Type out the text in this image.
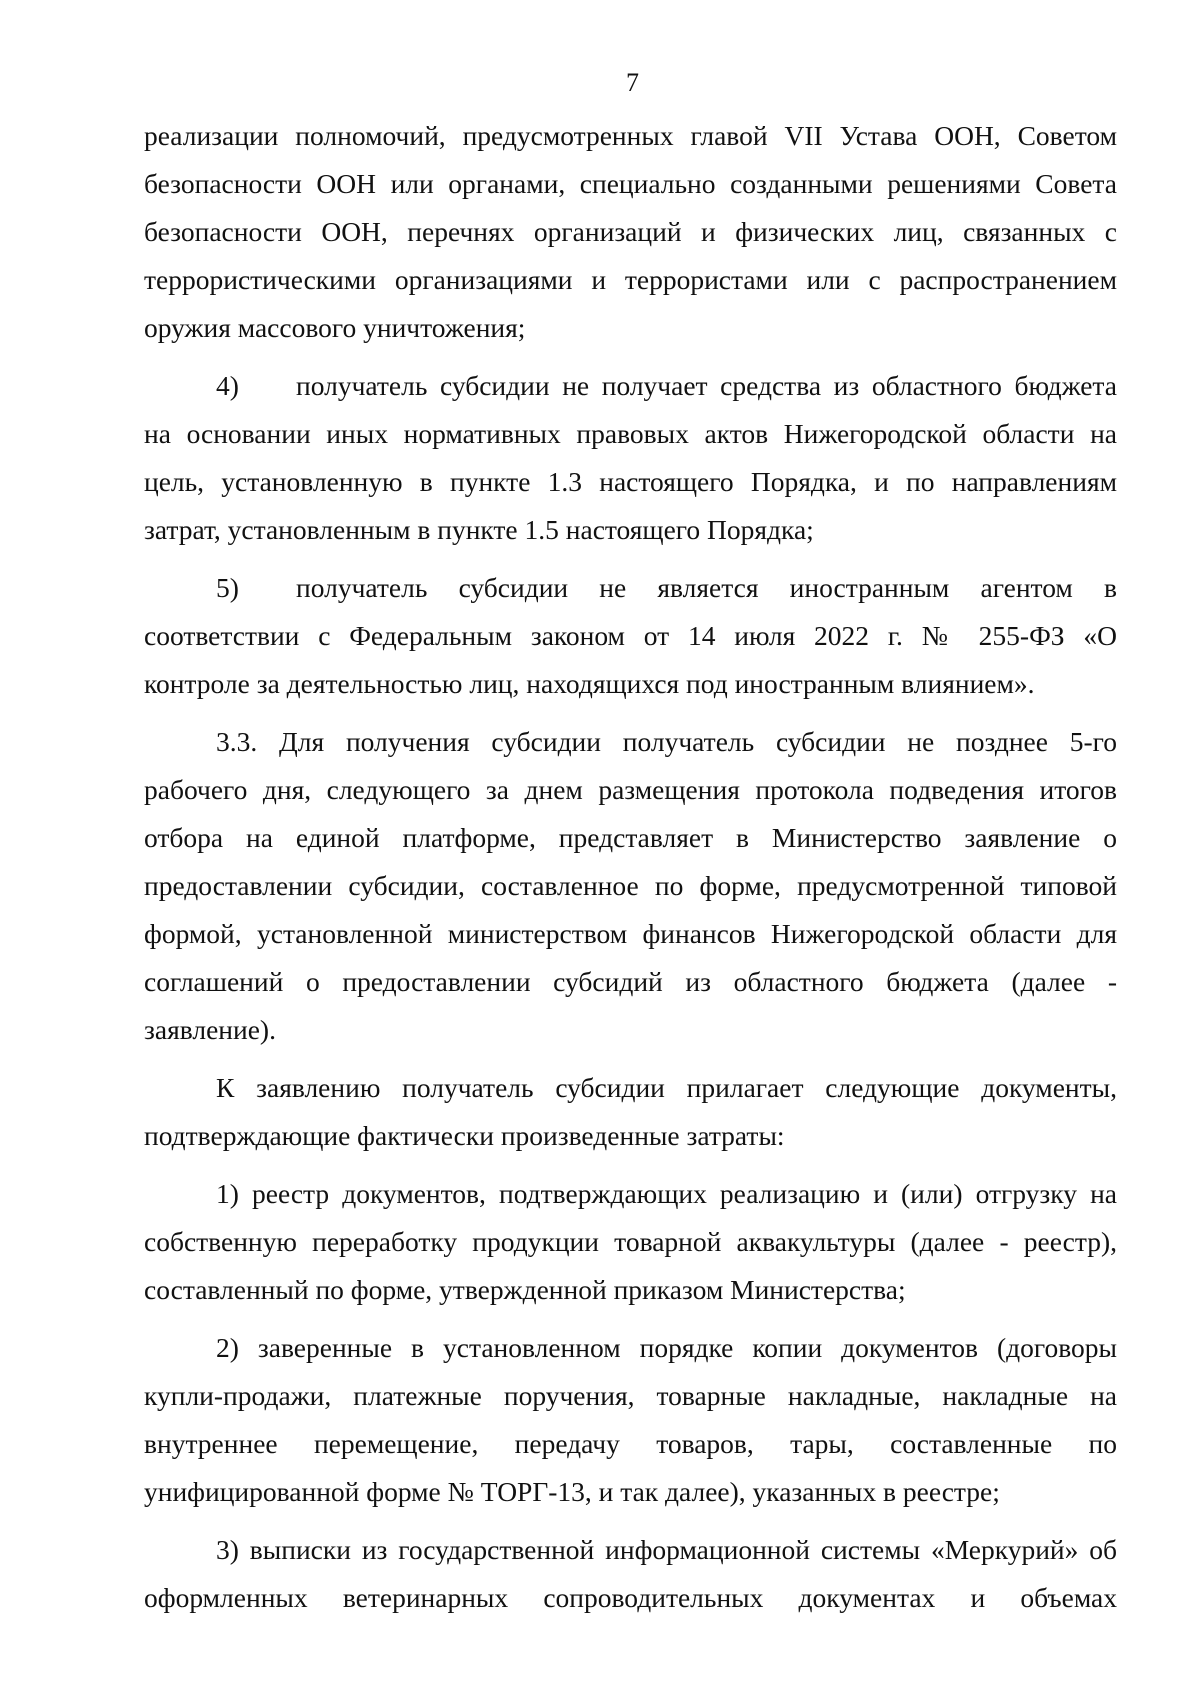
7
реализации полномочий, предусмотренных главой VII Устава ООН, Советом
безопасности ООН или органами, специально созданными решениями Совета
безопасности ООН, перечнях организаций и физических лиц, связанных с
террористическими организациями и террористами или с распространением
оружия массового уничтожения;
4)	получатель субсидии не получает средства из областного бюджета
на основании иных нормативных правовых актов Нижегородской области на
цель, установленную в пункте 1.3 настоящего Порядка, и по направлениям
затрат, установленным в пункте 1.5 настоящего Порядка;
5)	получатель субсидии не является иностранным агентом в
соответствии с Федеральным законом от 14 июля 2022 г. № 255-ФЗ «О
контроле за деятельностью лиц, находящихся под иностранным влиянием».
3.3. Для получения субсидии получатель субсидии не позднее 5-го
рабочего дня, следующего за днем размещения протокола подведения итогов
отбора на единой платформе, представляет в Министерство заявление о
предоставлении субсидии, составленное по форме, предусмотренной типовой
формой, установленной министерством финансов Нижегородской области для
соглашений о предоставлении субсидий из областного бюджета (далее -
заявление).
К заявлению получатель субсидии прилагает следующие документы,
подтверждающие фактически произведенные затраты:
1) реестр документов, подтверждающих реализацию и (или) отгрузку на
собственную переработку продукции товарной аквакультуры (далее - реестр),
составленный по форме, утвержденной приказом Министерства;
2) заверенные в установленном порядке копии документов (договоры
купли-продажи, платежные поручения, товарные накладные, накладные на
внутреннее перемещение, передачу товаров, тары, составленные по
унифицированной форме № ТОРГ-13, и так далее), указанных в реестре;
3) выписки из государственной информационной системы «Меркурий» об
оформленных ветеринарных сопроводительных документах и объемах
